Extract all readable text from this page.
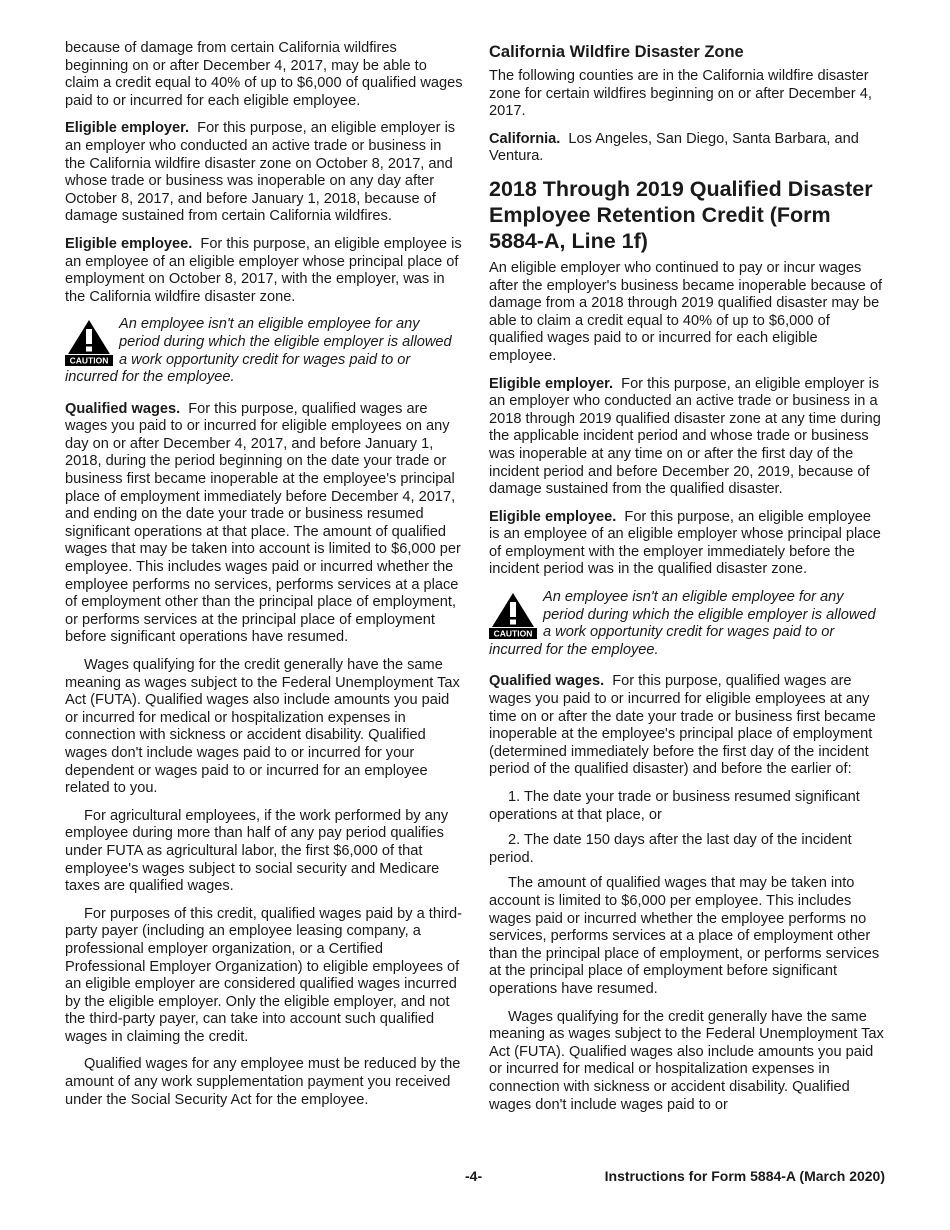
because of damage from certain California wildfires beginning on or after December 4, 2017, may be able to claim a credit equal to 40% of up to $6,000 of qualified wages paid to or incurred for each eligible employee.

Eligible employer. For this purpose, an eligible employer is an employer who conducted an active trade or business in the California wildfire disaster zone on October 8, 2017, and whose trade or business was inoperable on any day after October 8, 2017, and before January 1, 2018, because of damage sustained from certain California wildfires.

Eligible employee. For this purpose, an eligible employee is an employee of an eligible employer whose principal place of employment on October 8, 2017, with the employer, was in the California wildfire disaster zone.

CAUTION
An employee isn't an eligible employee for any period during which the eligible employer is allowed a work opportunity credit for wages paid to or incurred for the employee.

Qualified wages. For this purpose, qualified wages are wages you paid to or incurred for eligible employees on any day on or after December 4, 2017, and before January 1, 2018, during the period beginning on the date your trade or business first became inoperable at the employee's principal place of employment immediately before December 4, 2017, and ending on the date your trade or business resumed significant operations at that place. The amount of qualified wages that may be taken into account is limited to $6,000 per employee. This includes wages paid or incurred whether the employee performs no services, performs services at a place of employment other than the principal place of employment, or performs services at the principal place of employment before significant operations have resumed.

Wages qualifying for the credit generally have the same meaning as wages subject to the Federal Unemployment Tax Act (FUTA). Qualified wages also include amounts you paid or incurred for medical or hospitalization expenses in connection with sickness or accident disability. Qualified wages don't include wages paid to or incurred for your dependent or wages paid to or incurred for an employee related to you.

For agricultural employees, if the work performed by any employee during more than half of any pay period qualifies under FUTA as agricultural labor, the first $6,000 of that employee's wages subject to social security and Medicare taxes are qualified wages.

For purposes of this credit, qualified wages paid by a third-party payer (including an employee leasing company, a professional employer organization, or a Certified Professional Employer Organization) to eligible employees of an eligible employer are considered qualified wages incurred by the eligible employer. Only the eligible employer, and not the third-party payer, can take into account such qualified wages in claiming the credit.

Qualified wages for any employee must be reduced by the amount of any work supplementation payment you received under the Social Security Act for the employee.

California Wildfire Disaster Zone

The following counties are in the California wildfire disaster zone for certain wildfires beginning on or after December 4, 2017.

California. Los Angeles, San Diego, Santa Barbara, and Ventura.

2018 Through 2019 Qualified Disaster Employee Retention Credit (Form 5884-A, Line 1f)

An eligible employer who continued to pay or incur wages after the employer's business became inoperable because of damage from a 2018 through 2019 qualified disaster may be able to claim a credit equal to 40% of up to $6,000 of qualified wages paid to or incurred for each eligible employee.

Eligible employer. For this purpose, an eligible employer is an employer who conducted an active trade or business in a 2018 through 2019 qualified disaster zone at any time during the applicable incident period and whose trade or business was inoperable at any time on or after the first day of the incident period and before December 20, 2019, because of damage sustained from the qualified disaster.

Eligible employee. For this purpose, an eligible employee is an employee of an eligible employer whose principal place of employment with the employer immediately before the incident period was in the qualified disaster zone.

CAUTION
An employee isn't an eligible employee for any period during which the eligible employer is allowed a work opportunity credit for wages paid to or incurred for the employee.

Qualified wages. For this purpose, qualified wages are wages you paid to or incurred for eligible employees at any time on or after the date your trade or business first became inoperable at the employee's principal place of employment (determined immediately before the first day of the incident period of the qualified disaster) and before the earlier of:

1. The date your trade or business resumed significant operations at that place, or

2. The date 150 days after the last day of the incident period.

The amount of qualified wages that may be taken into account is limited to $6,000 per employee. This includes wages paid or incurred whether the employee performs no services, performs services at a place of employment other than the principal place of employment, or performs services at the principal place of employment before significant operations have resumed.

Wages qualifying for the credit generally have the same meaning as wages subject to the Federal Unemployment Tax Act (FUTA). Qualified wages also include amounts you paid or incurred for medical or hospitalization expenses in connection with sickness or accident disability. Qualified wages don't include wages paid to or

-4-	Instructions for Form 5884-A (March 2020)
